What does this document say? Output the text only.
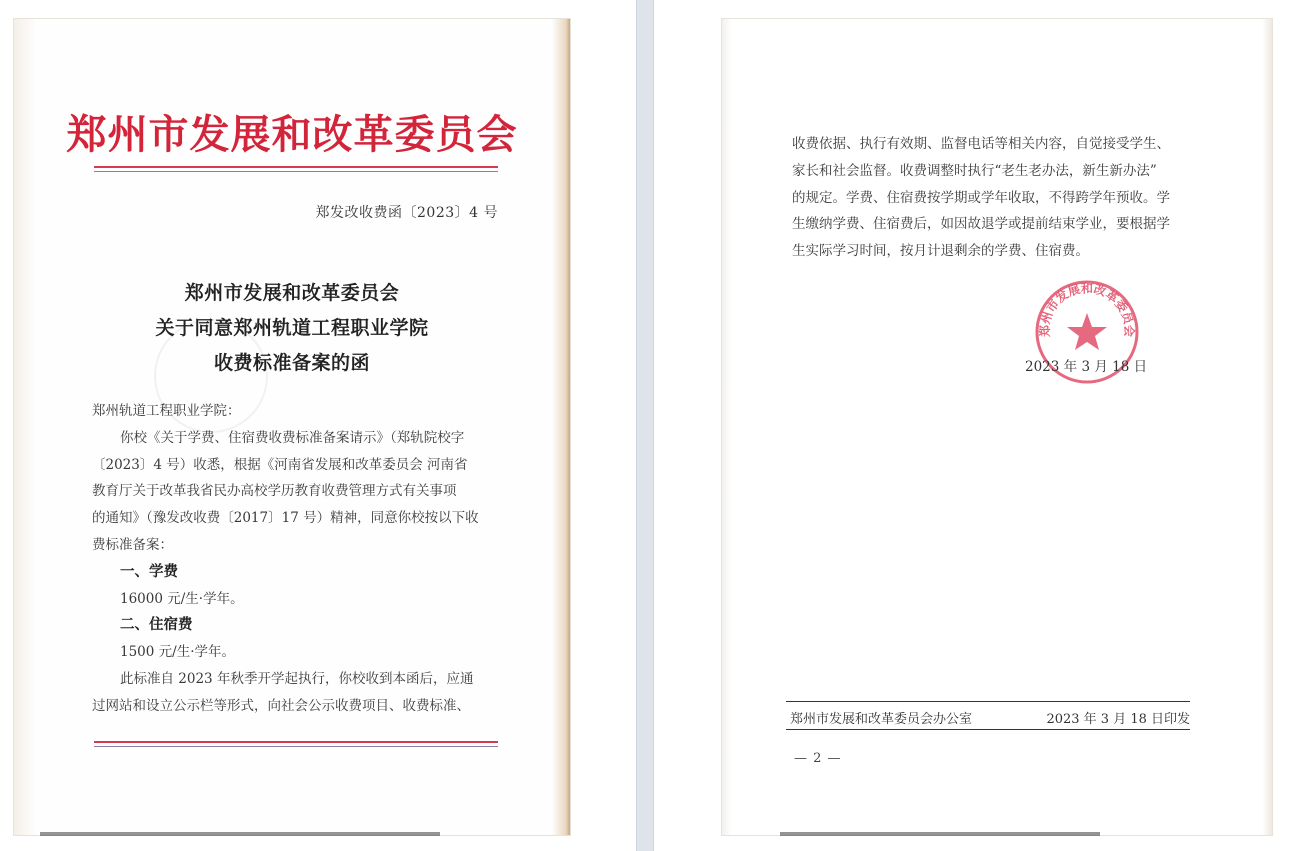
郑州市发展和改革委员会
郑发改收费函〔2023〕4 号
郑州市发展和改革委员会
关于同意郑州轨道工程职业学院
收费标准备案的函
郑州轨道工程职业学院：
你校《关于学费、住宿费收费标准备案请示》（郑轨院校字
〔2023〕4 号）收悉，根据《河南省发展和改革委员会 河南省
教育厅关于改革我省民办高校学历教育收费管理方式有关事项
的通知》（豫发改收费〔2017〕17 号）精神，同意你校按以下收
费标准备案：
一、学费
16000 元/生·学年。
二、住宿费
1500 元/生·学年。
此标准自 2023 年秋季开学起执行，你校收到本函后，应通
过网站和设立公示栏等形式，向社会公示收费项目、收费标准、
收费依据、执行有效期、监督电话等相关内容，自觉接受学生、
家长和社会监督。收费调整时执行“老生老办法，新生新办法”
的规定。学费、住宿费按学期或学年收取，不得跨学年预收。学
生缴纳学费、住宿费后，如因故退学或提前结束学业，要根据学
生实际学习时间，按月计退剩余的学费、住宿费。
郑州市发展和改革委员会
2023 年 3 月 18 日
郑州市发展和改革委员会办公室	2023 年 3 月 18 日印发
— 2 —
